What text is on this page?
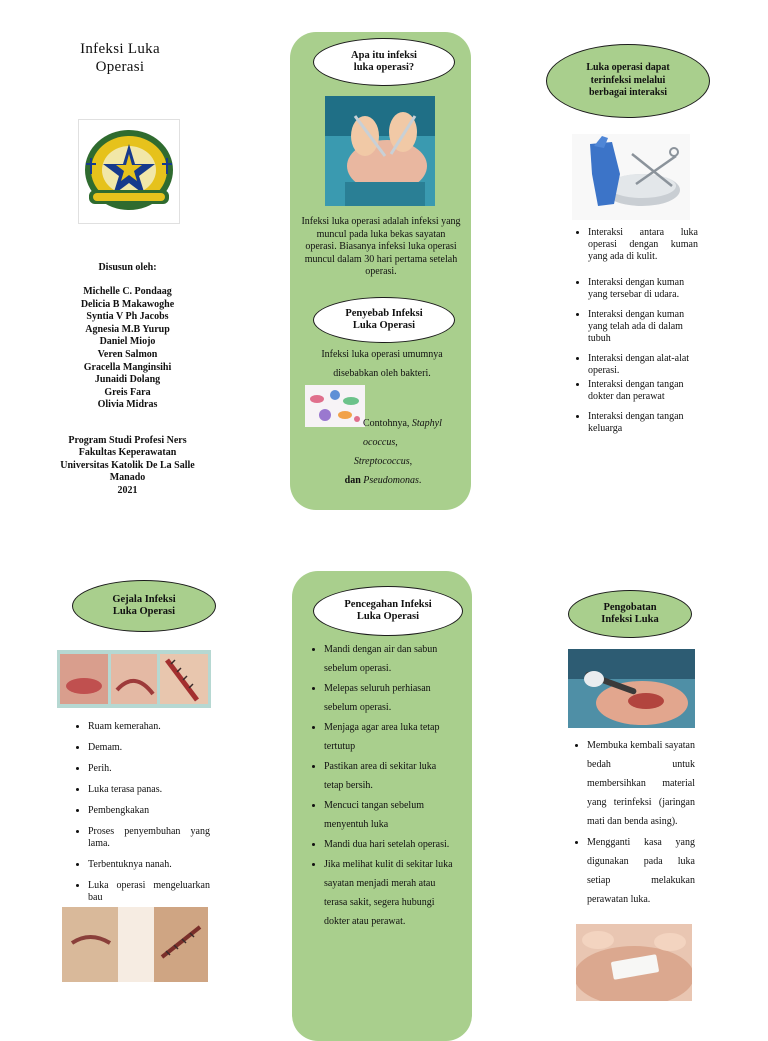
Infeksi Luka
Operasi
Disusun oleh:
Michelle C. Pondaag
Delicia B Makawoghe
Syntia V Ph Jacobs
Agnesia M.B Yurup
Daniel Miojo
Veren Salmon
Gracella Manginsihi
Junaidi Dolang
Greis Fara
Olivia Midras
Program Studi Profesi Ners
Fakultas Keperawatan
Universitas Katolik De La Salle
Manado
2021
Apa itu infeksi
luka operasi?
Infeksi luka operasi adalah infeksi yang muncul pada luka bekas sayatan operasi. Biasanya infeksi luka operasi muncul dalam 30 hari pertama setelah operasi.
Penyebab Infeksi
Luka Operasi
Infeksi luka operasi umumnya disebabkan oleh bakteri.
Contohnya, Staphyl ococcus,
Streptococcus,
dan Pseudomonas.
Luka operasi dapat
terinfeksi melalui
berbagai interaksi
• Interaksi antara luka operasi dengan kuman yang ada di kulit.
• Interaksi dengan kuman yang tersebar di udara.
• Interaksi dengan kuman yang telah ada di dalam tubuh
• Interaksi dengan alat-alat operasi.
• Interaksi dengan tangan dokter dan perawat
• Interaksi dengan tangan keluarga
Gejala Infeksi
Luka Operasi
• Ruam kemerahan.
• Demam.
• Perih.
• Luka terasa panas.
• Pembengkakan
• Proses penyembuhan yang lama.
• Terbentuknya nanah.
• Luka operasi mengeluarkan bau
Pencegahan Infeksi
Luka Operasi
• Mandi dengan air dan sabun sebelum operasi.
• Melepas seluruh perhiasan sebelum operasi.
• Menjaga agar area luka tetap tertutup
• Pastikan area di sekitar luka tetap bersih.
• Mencuci tangan sebelum menyentuh luka
• Mandi dua hari setelah operasi.
• Jika melihat kulit di sekitar luka sayatan menjadi merah atau terasa sakit, segera hubungi dokter atau perawat.
Pengobatan
Infeksi Luka
• Membuka kembali sayatan bedah untuk membersihkan material yang terinfeksi (jaringan mati dan benda asing).
• Mengganti kasa yang digunakan pada luka setiap melakukan perawatan luka.
